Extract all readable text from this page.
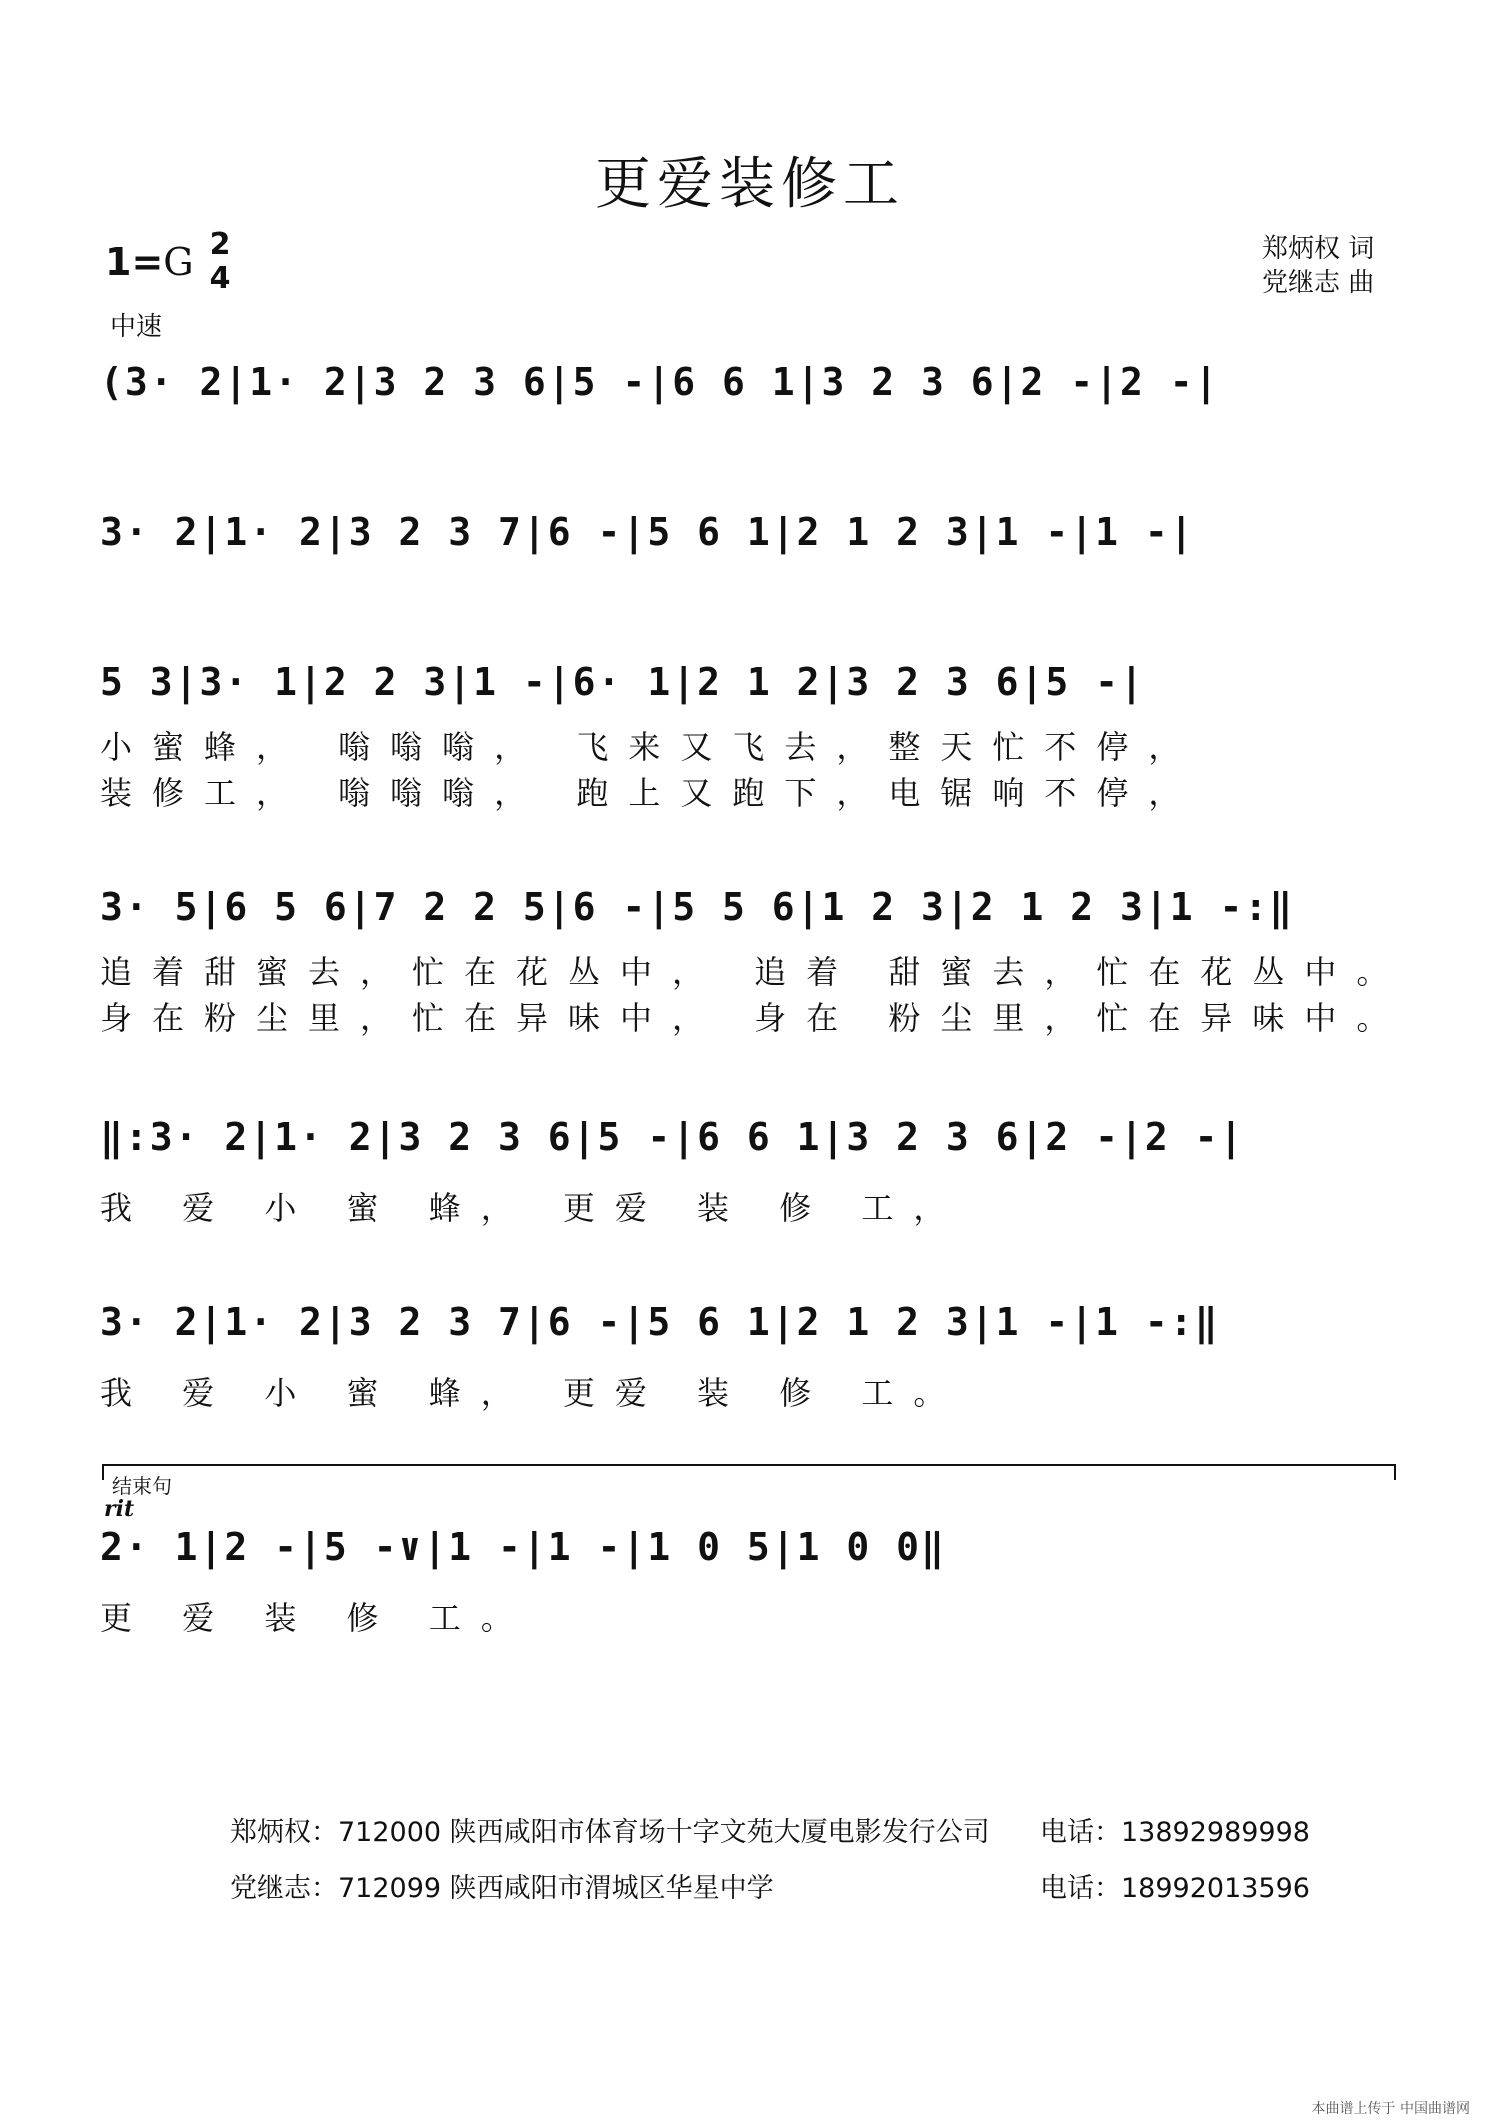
更爱装修工
1=G 2
4
中速
郑炳权 词
党继志 曲
(3· 2|1· 2|3 2 3 6|5 -|6 6 1|3 2 3 6|2 -|2 -|
3· 2|1· 2|3 2 3 7|6 -|5 6 1|2 1 2 3|1 -|1 -|
5 3|3· 1|2 2 3|1 -|6· 1|2 1 2|3 2 3 6|5 -|
小蜜蜂， 嗡嗡嗡， 飞来又飞去，整天忙不停，
装修工， 嗡嗡嗡， 跑上又跑下，电锯响不停，
3· 5|6 5 6|7 2 2 5|6 -|5 5 6|1 2 3|2 1 2 3|1 -:‖
追着甜蜜去，忙在花丛中， 追着 甜蜜去，忙在花丛中。
身在粉尘里，忙在异味中， 身在 粉尘里，忙在异味中。
‖:3· 2|1· 2|3 2 3 6|5 -|6 6 1|3 2 3 6|2 -|2 -|
我 爱 小 蜜 蜂， 更爱 装 修 工，
3· 2|1· 2|3 2 3 7|6 -|5 6 1|2 1 2 3|1 -|1 -:‖
我 爱 小 蜜 蜂， 更爱 装 修 工。
结束句
rit
2· 1|2 -|5 -∨|1 -|1 -|1 0 5|1 0 0‖
更 爱 装 修 工。
郑炳权：712000 陕西咸阳市体育场十字文苑大厦电影发行公司 电话：13892989998
党继志：712099 陕西咸阳市渭城区华星中学	电话：18992013596
本曲谱上传于 中国曲谱网
